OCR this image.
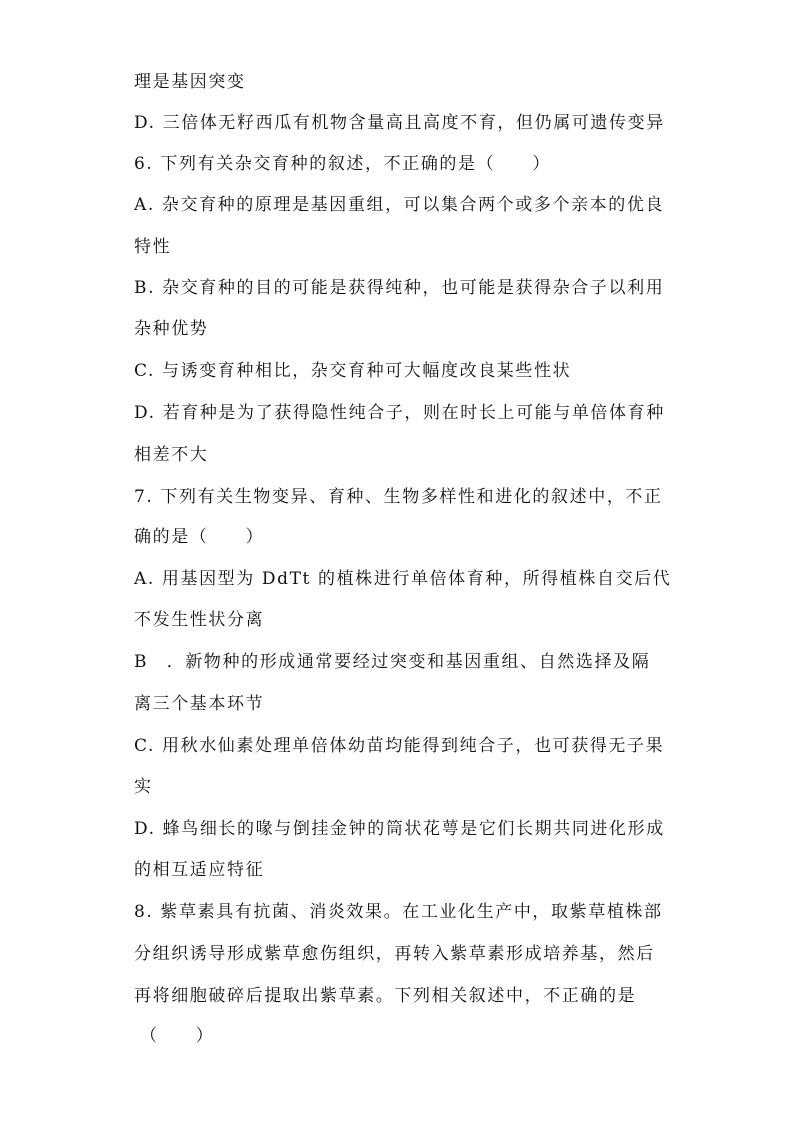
理是基因突变
D. 三倍体无籽西瓜有机物含量高且高度不育，但仍属可遗传变异
6. 下列有关杂交育种的叙述，不正确的是（　　）
A. 杂交育种的原理是基因重组，可以集合两个或多个亲本的优良
特性
B. 杂交育种的目的可能是获得纯种，也可能是获得杂合子以利用
杂种优势
C. 与诱变育种相比，杂交育种可大幅度改良某些性状
D. 若育种是为了获得隐性纯合子，则在时长上可能与单倍体育种
相差不大
7. 下列有关生物变异、育种、生物多样性和进化的叙述中，不正
确的是（　　）
A. 用基因型为 DdTt 的植株进行单倍体育种，所得植株自交后代
不发生性状分离
B　．新物种的形成通常要经过突变和基因重组、自然选择及隔
离三个基本环节
C. 用秋水仙素处理单倍体幼苗均能得到纯合子，也可获得无子果
实
D. 蜂鸟细长的喙与倒挂金钟的筒状花萼是它们长期共同进化形成
的相互适应特征
8. 紫草素具有抗菌、消炎效果。在工业化生产中，取紫草植株部
分组织诱导形成紫草愈伤组织，再转入紫草素形成培养基，然后
再将细胞破碎后提取出紫草素。下列相关叙述中，不正确的是
（　　）
